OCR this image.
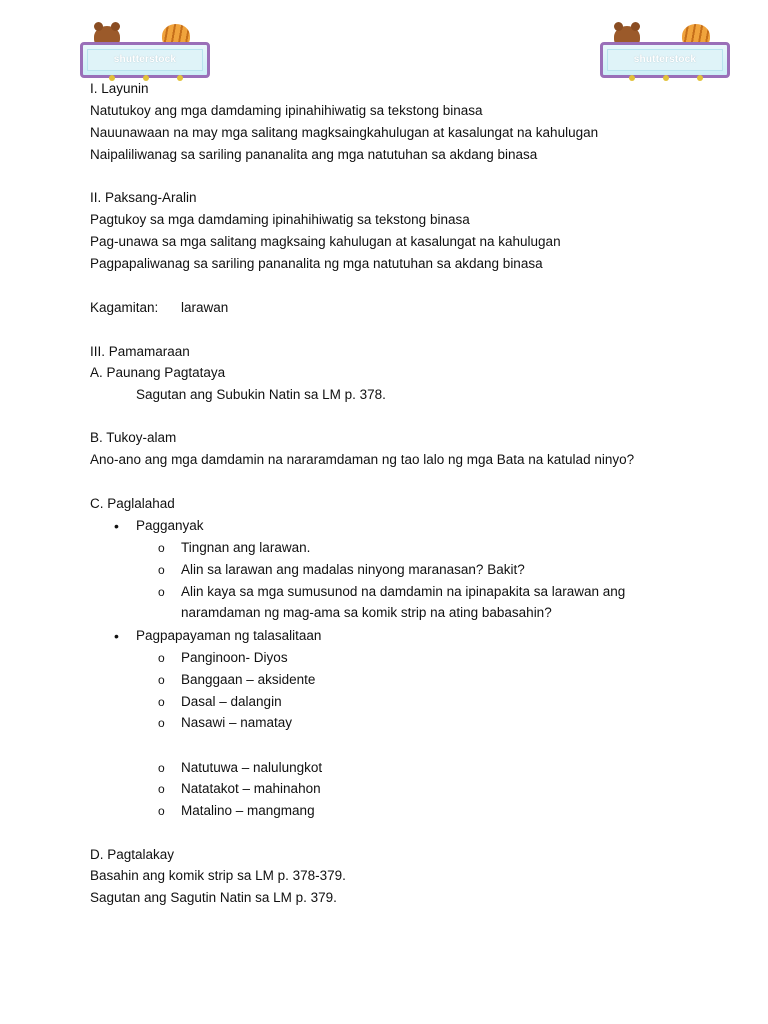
shutterstock	shutterstock
I. Layunin
Natutukoy ang mga damdaming ipinahihiwatig sa tekstong binasa
Nauunawaan na may mga salitang magksaingkahulugan at kasalungat na kahulugan
Naipaliliwanag sa sariling pananalita ang mga natutuhan sa akdang binasa
II. Paksang-Aralin
Pagtukoy sa mga damdaming ipinahihiwatig sa tekstong binasa
Pag-unawa sa mga salitang magksaing kahulugan at kasalungat na kahulugan
Pagpapaliwanag sa sariling pananalita ng mga natutuhan sa akdang binasa
Kagamitan: larawan
III. Pamamaraan
A. Paunang Pagtataya
Sagutan ang Subukin Natin sa LM p. 378.
B. Tukoy-alam
Ano-ano ang mga damdamin na nararamdaman ng tao lalo ng mga Bata na katulad ninyo?
C. Paglalahad
• Pagganyak
o Tingnan ang larawan.
o Alin sa larawan ang madalas ninyong maranasan? Bakit?
o Alin kaya sa mga sumusunod na damdamin na ipinapakita sa larawan ang
naramdaman ng mag-ama sa komik strip na ating babasahin?
• Pagpapayaman ng talasalitaan
o Panginoon- Diyos
o Banggaan – aksidente
o Dasal – dalangin
o Nasawi – namatay
o Natutuwa – nalulungkot
o Natatakot – mahinahon
o Matalino – mangmang
D. Pagtalakay
Basahin ang komik strip sa LM p. 378-379.
Sagutan ang Sagutin Natin sa LM p. 379.
